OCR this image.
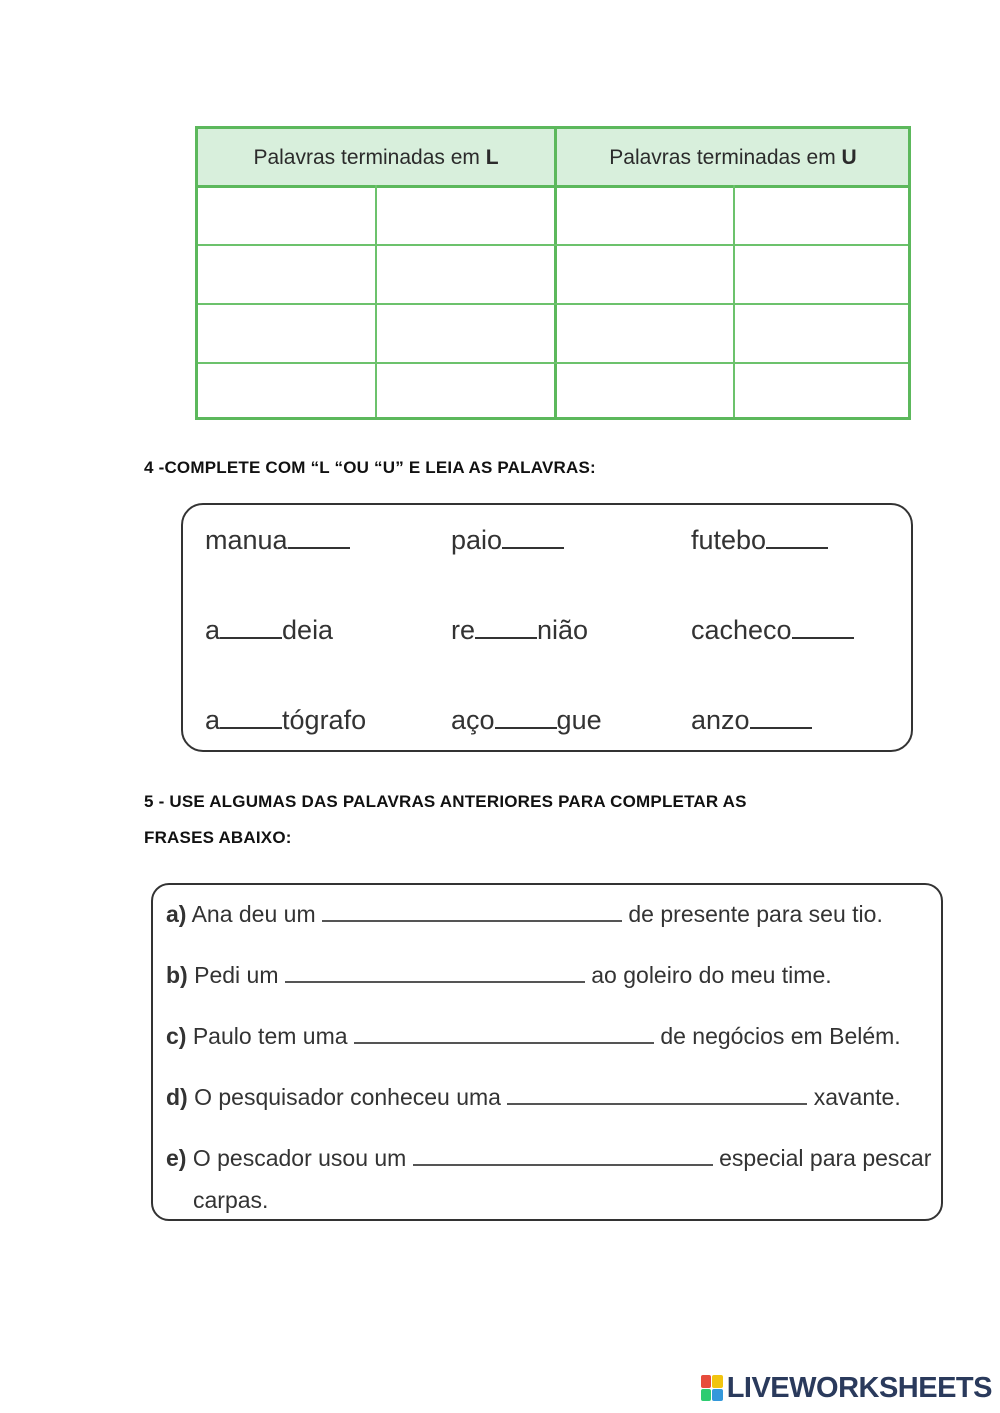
Palavras terminadas em L	Palavras terminadas em U
4 -COMPLETE COM “L “OU “U” E LEIA AS PALAVRAS:
manua	paio	futebo
a deia	re nião	cacheco
a tógrafo	aço gue	anzo
5 - USE ALGUMAS DAS PALAVRAS ANTERIORES PARA COMPLETAR AS
FRASES ABAIXO:
a) Ana deu um	de presente para seu tio.
b) Pedi um	ao goleiro do meu time.
c) Paulo tem uma	de negócios em Belém.
d) O pesquisador conheceu uma	xavante.
e) O pescador usou um	especial para pescar
carpas.
LIVEWORKSHEETS
